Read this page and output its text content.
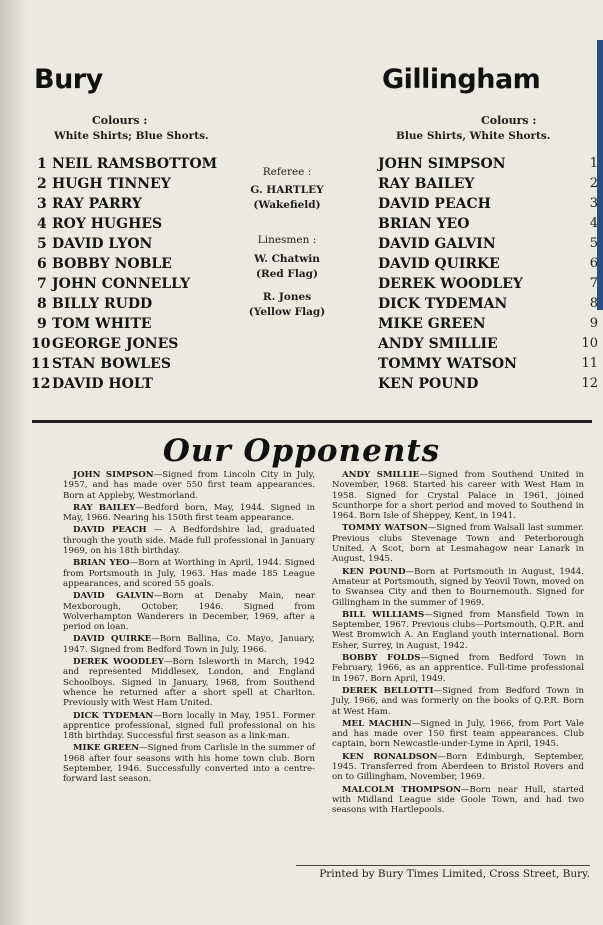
Bury	Gillingham
Colours :
White Shirts; Blue Shorts.
Colours :
Blue Shirts, White Shorts.
1 NEIL RAMSBOTTOM
2 HUGH TINNEY
3 RAY PARRY
4 ROY HUGHES
5 DAVID LYON
6 BOBBY NOBLE
7 JOHN CONNELLY
8 BILLY RUDD
9 TOM WHITE
10 GEORGE JONES
11 STAN BOWLES
12 DAVID HOLT
JOHN SIMPSON	1
RAY BAILEY	2
DAVID PEACH	3
BRIAN YEO	4
DAVID GALVIN	5
DAVID QUIRKE	6
DEREK WOODLEY	7
DICK TYDEMAN	8
MIKE GREEN	9
ANDY SMILLIE	10
TOMMY WATSON	11
KEN POUND	12
Referee :
G. HARTLEY
(Wakefield)
Linesmen :
W. Chatwin
(Red Flag)
R. Jones
(Yellow Flag)
Our Opponents

JOHN SIMPSON—Signed from Lincoln City in July, 1957, and has made over 550 first team appearances. Born at Appleby, Westmorland.

RAY BAILEY—Bedford born, May, 1944. Signed in May, 1966. Nearing his 150th first team appearance.

DAVID PEACH — A Bedfordshire lad, graduated through the youth side. Made full professional in January 1969, on his 18th birthday.

BRIAN YEO—Born at Worthing in April, 1944. Signed from Portsmouth in July, 1963. Has made 185 League appearances, and scored 55 goals.

DAVID GALVIN—Born at Denaby Main, near Mexborough, October, 1946. Signed from Wolverhampton Wanderers in December, 1969, after a period on loan.

DAVID QUIRKE—Born Ballina, Co. Mayo, January, 1947. Signed from Bedford Town in July, 1966.

DEREK WOODLEY—Born Isleworth in March, 1942 and represented Middlesex, London, and England Schoolboys. Signed in January, 1968, from Southend whence he returned after a short spell at Charlton. Previously with West Ham United.

DICK TYDEMAN—Born locally in May, 1951. Former apprentice professional, signed full professional on his 18th birthday. Successful first season as a link-man.

MIKE GREEN—Signed from Carlisle in the summer of 1968 after four seasons with his home town club. Born September, 1946. Successfully converted into a centre-forward last season.

ANDY SMILLIE—Signed from Southend United in November, 1968. Started his career with West Ham in 1958. Signed for Crystal Palace in 1961, joined Scunthorpe for a short period and moved to Southend in 1964. Born Isle of Sheppey, Kent, in 1941.

TOMMY WATSON—Signed from Walsall last summer. Previous clubs Stevenage Town and Peterborough United. A Scot, born at Lesmahagow near Lanark in August, 1945.

KEN POUND—Born at Portsmouth in August, 1944. Amateur at Portsmouth, signed by Yeovil Town, moved on to Swansea City and then to Bournemouth. Signed for Gillingham in the summer of 1969.

BILL WILLIAMS—Signed from Mansfield Town in September, 1967. Previous clubs—Portsmouth, Q.P.R. and West Bromwich A. An England youth international. Born Esher, Surrey, in August, 1942.

BOBBY FOLDS—Signed from Bedford Town in February, 1966, as an apprentice. Full-time professional in 1967. Born April, 1949.

DEREK BELLOTTI—Signed from Bedford Town in July, 1966, and was formerly on the books of Q.P.R. Born at West Ham.

MEL MACHIN—Signed in July, 1966, from Port Vale and has made over 150 first team appearances. Club captain, born Newcastle-under-Lyme in April, 1945.

KEN RONALDSON—Born Edinburgh, September, 1945. Transferred from Aberdeen to Bristol Rovers and on to Gillingham, November, 1969.

MALCOLM THOMPSON—Born near Hull, started with Midland League side Goole Town, and had two seasons with Hartlepools.

Printed by Bury Times Limited, Cross Street, Bury.
